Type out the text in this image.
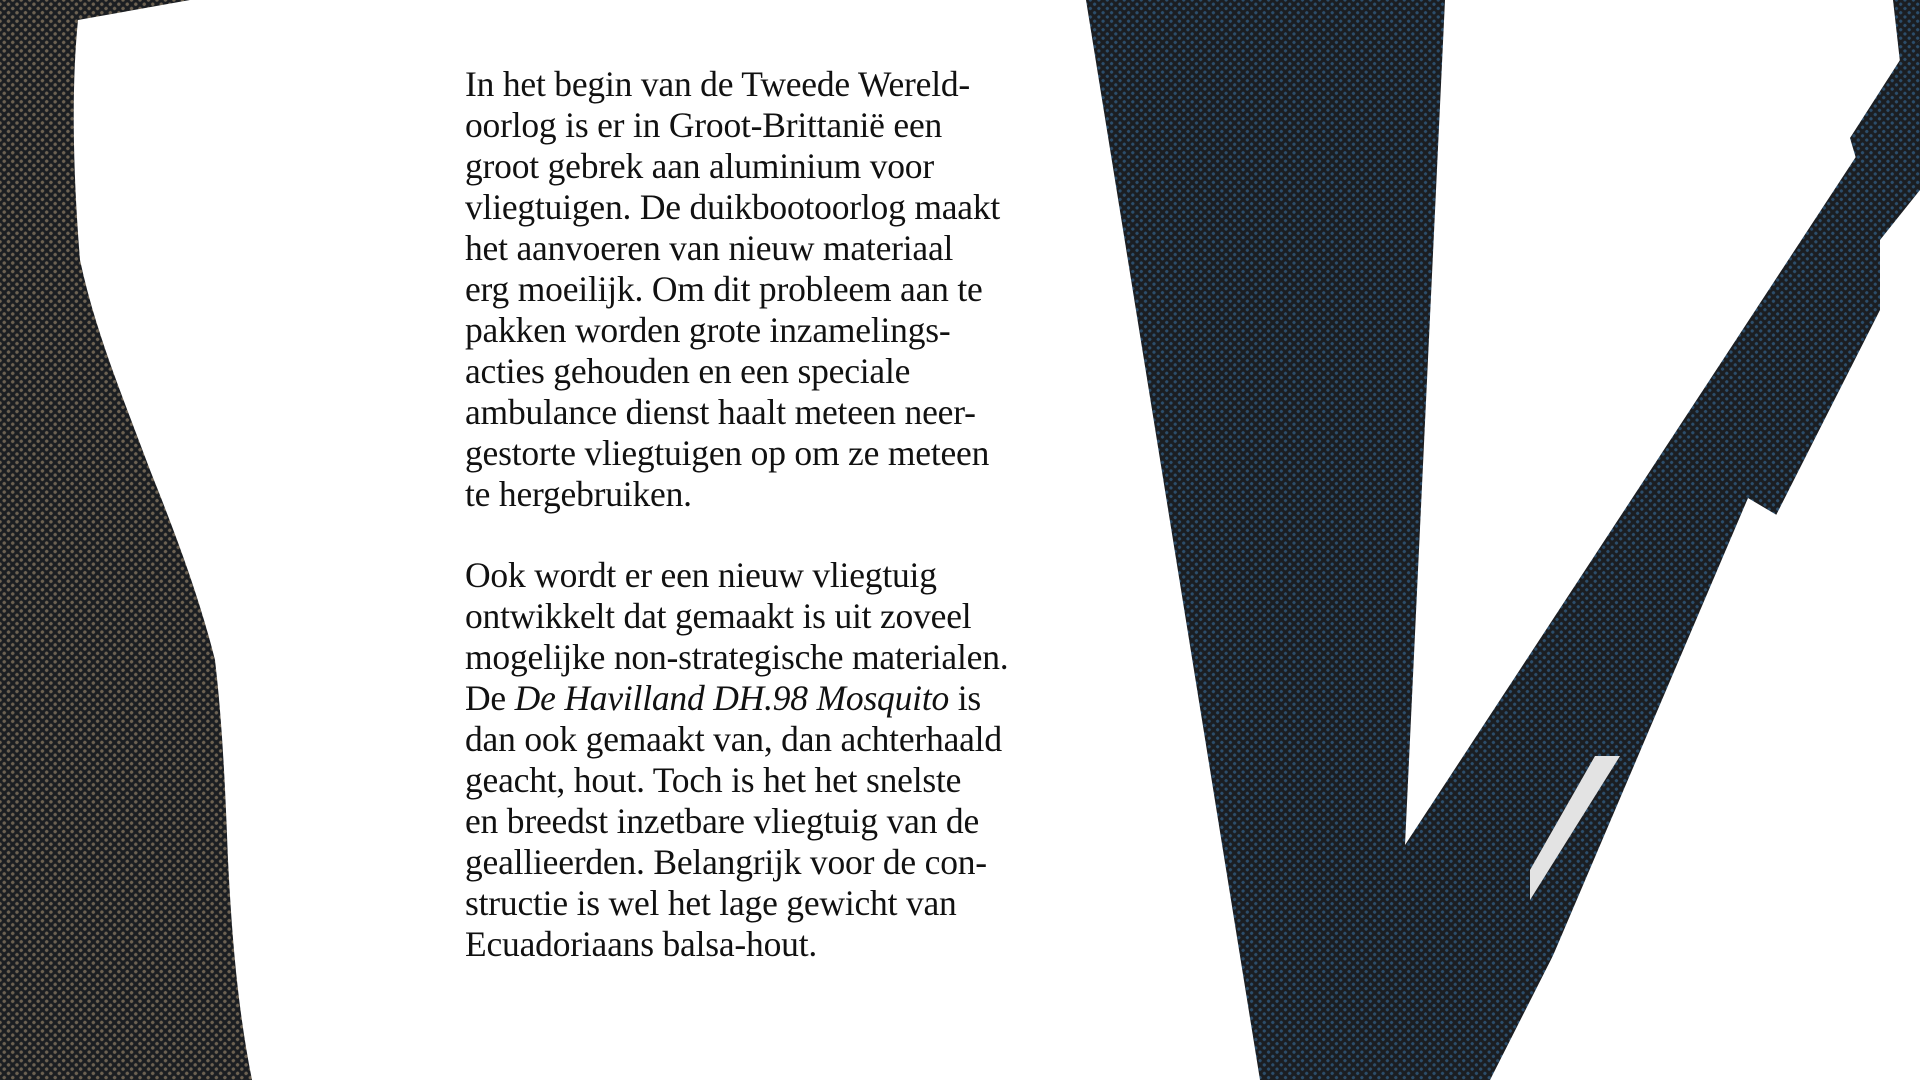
In het begin van de Tweede Wereld-
oorlog is er in Groot-Brittanië een
groot gebrek aan aluminium voor
vliegtuigen. De duikbootoorlog maakt
het aanvoeren van nieuw materiaal
erg moeilijk. Om dit probleem aan te
pakken worden grote inzamelings-
acties gehouden en een speciale
ambulance dienst haalt meteen neer-
gestorte vliegtuigen op om ze meteen
te hergebruiken.

Ook wordt er een nieuw vliegtuig
ontwikkelt dat gemaakt is uit zoveel
mogelijke non-strategische materialen.
De De Havilland DH.98 Mosquito is
dan ook gemaakt van, dan achterhaald
geacht, hout. Toch is het het snelste
en breedst inzetbare vliegtuig van de
geallieerden. Belangrijk voor de con-
structie is wel het lage gewicht van
Ecuadoriaans balsa-hout.
